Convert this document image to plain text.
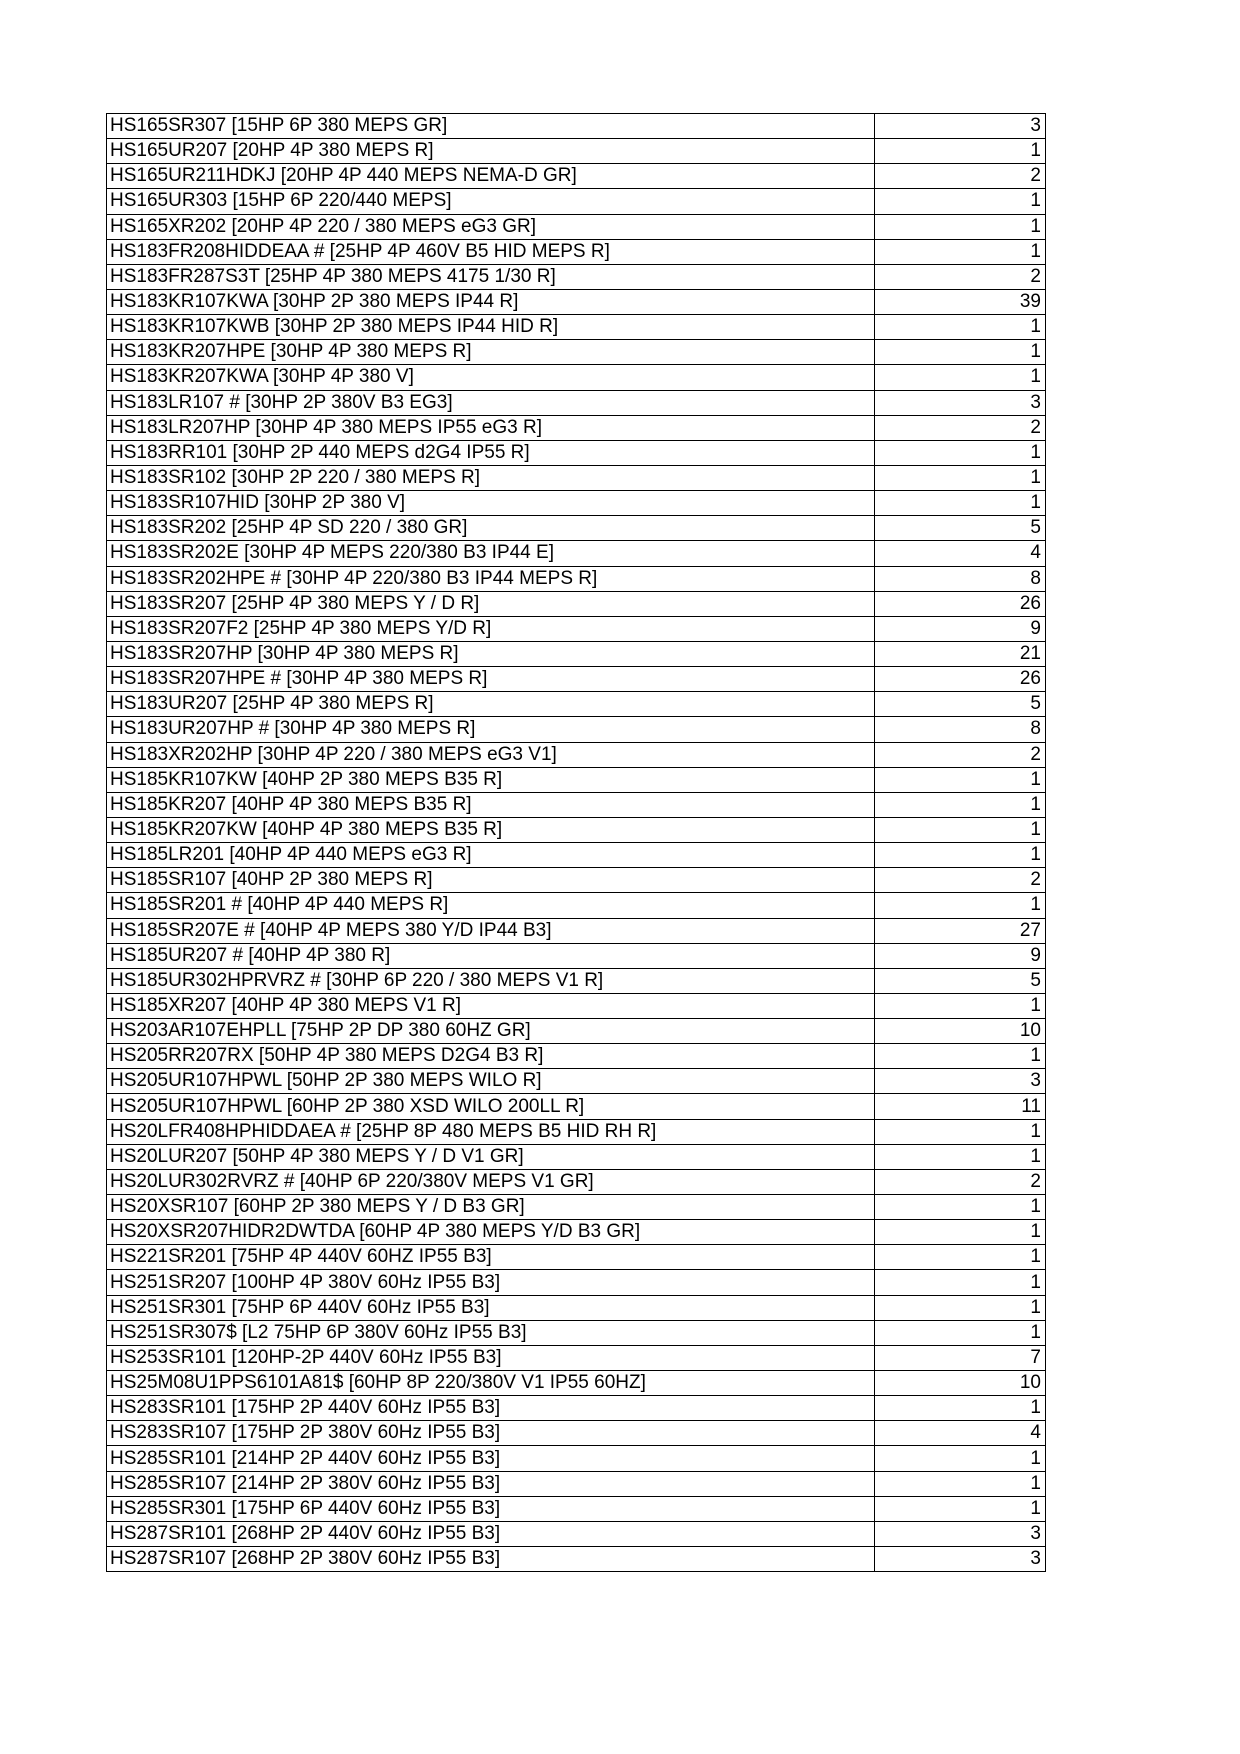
HS165SR307 [15HP 6P 380 MEPS GR]	3
HS165UR207 [20HP 4P 380 MEPS R]	1
HS165UR211HDKJ [20HP 4P 440 MEPS NEMA-D GR]	2
HS165UR303 [15HP 6P 220/440 MEPS]	1
HS165XR202 [20HP 4P 220 / 380 MEPS eG3 GR]	1
HS183FR208HIDDEAA # [25HP 4P 460V B5 HID MEPS R]	1
HS183FR287S3T [25HP 4P 380 MEPS 4175 1/30 R]	2
HS183KR107KWA [30HP 2P 380 MEPS IP44 R]	39
HS183KR107KWB [30HP 2P 380 MEPS IP44 HID R]	1
HS183KR207HPE [30HP 4P 380 MEPS R]	1
HS183KR207KWA [30HP 4P 380 V]	1
HS183LR107 # [30HP 2P 380V B3 EG3]	3
HS183LR207HP [30HP 4P 380 MEPS IP55 eG3 R]	2
HS183RR101 [30HP 2P 440 MEPS d2G4 IP55 R]	1
HS183SR102 [30HP 2P 220 / 380 MEPS R]	1
HS183SR107HID [30HP 2P 380 V]	1
HS183SR202 [25HP 4P SD 220 / 380 GR]	5
HS183SR202E [30HP 4P MEPS 220/380 B3 IP44 E]	4
HS183SR202HPE # [30HP 4P 220/380 B3 IP44 MEPS R]	8
HS183SR207 [25HP 4P 380 MEPS Y / D R]	26
HS183SR207F2 [25HP 4P 380 MEPS Y/D R]	9
HS183SR207HP [30HP 4P 380 MEPS R]	21
HS183SR207HPE # [30HP 4P 380 MEPS R]	26
HS183UR207 [25HP 4P 380 MEPS R]	5
HS183UR207HP # [30HP 4P 380 MEPS R]	8
HS183XR202HP [30HP 4P 220 / 380 MEPS eG3 V1]	2
HS185KR107KW [40HP 2P 380 MEPS B35 R]	1
HS185KR207 [40HP 4P 380 MEPS B35 R]	1
HS185KR207KW [40HP 4P 380 MEPS B35 R]	1
HS185LR201 [40HP 4P 440 MEPS eG3 R]	1
HS185SR107 [40HP 2P 380 MEPS R]	2
HS185SR201 # [40HP 4P 440 MEPS R]	1
HS185SR207E # [40HP 4P MEPS 380 Y/D IP44 B3]	27
HS185UR207 # [40HP 4P 380 R]	9
HS185UR302HPRVRZ # [30HP 6P 220 / 380 MEPS V1 R]	5
HS185XR207 [40HP 4P 380 MEPS V1 R]	1
HS203AR107EHPLL [75HP 2P DP 380 60HZ GR]	10
HS205RR207RX [50HP 4P 380 MEPS D2G4 B3 R]	1
HS205UR107HPWL [50HP 2P 380 MEPS WILO R]	3
HS205UR107HPWL [60HP 2P 380 XSD WILO 200LL R]	11
HS20LFR408HPHIDDAEA # [25HP 8P 480 MEPS B5 HID RH R]	1
HS20LUR207 [50HP 4P 380 MEPS Y / D V1 GR]	1
HS20LUR302RVRZ # [40HP 6P 220/380V MEPS V1 GR]	2
HS20XSR107 [60HP 2P 380 MEPS Y / D B3 GR]	1
HS20XSR207HIDR2DWTDA [60HP 4P 380 MEPS Y/D B3 GR]	1
HS221SR201 [75HP 4P 440V 60HZ IP55 B3]	1
HS251SR207 [100HP 4P 380V 60Hz IP55 B3]	1
HS251SR301 [75HP 6P 440V 60Hz IP55 B3]	1
HS251SR307$ [L2 75HP 6P 380V 60Hz IP55 B3]	1
HS253SR101 [120HP-2P 440V 60Hz IP55 B3]	7
HS25M08U1PPS6101A81$ [60HP 8P 220/380V V1 IP55 60HZ]	10
HS283SR101 [175HP 2P 440V 60Hz IP55 B3]	1
HS283SR107 [175HP 2P 380V 60Hz IP55 B3]	4
HS285SR101 [214HP 2P 440V 60Hz IP55 B3]	1
HS285SR107 [214HP 2P 380V 60Hz IP55 B3]	1
HS285SR301 [175HP 6P 440V 60Hz IP55 B3]	1
HS287SR101 [268HP 2P 440V 60Hz IP55 B3]	3
HS287SR107 [268HP 2P 380V 60Hz IP55 B3]	3
